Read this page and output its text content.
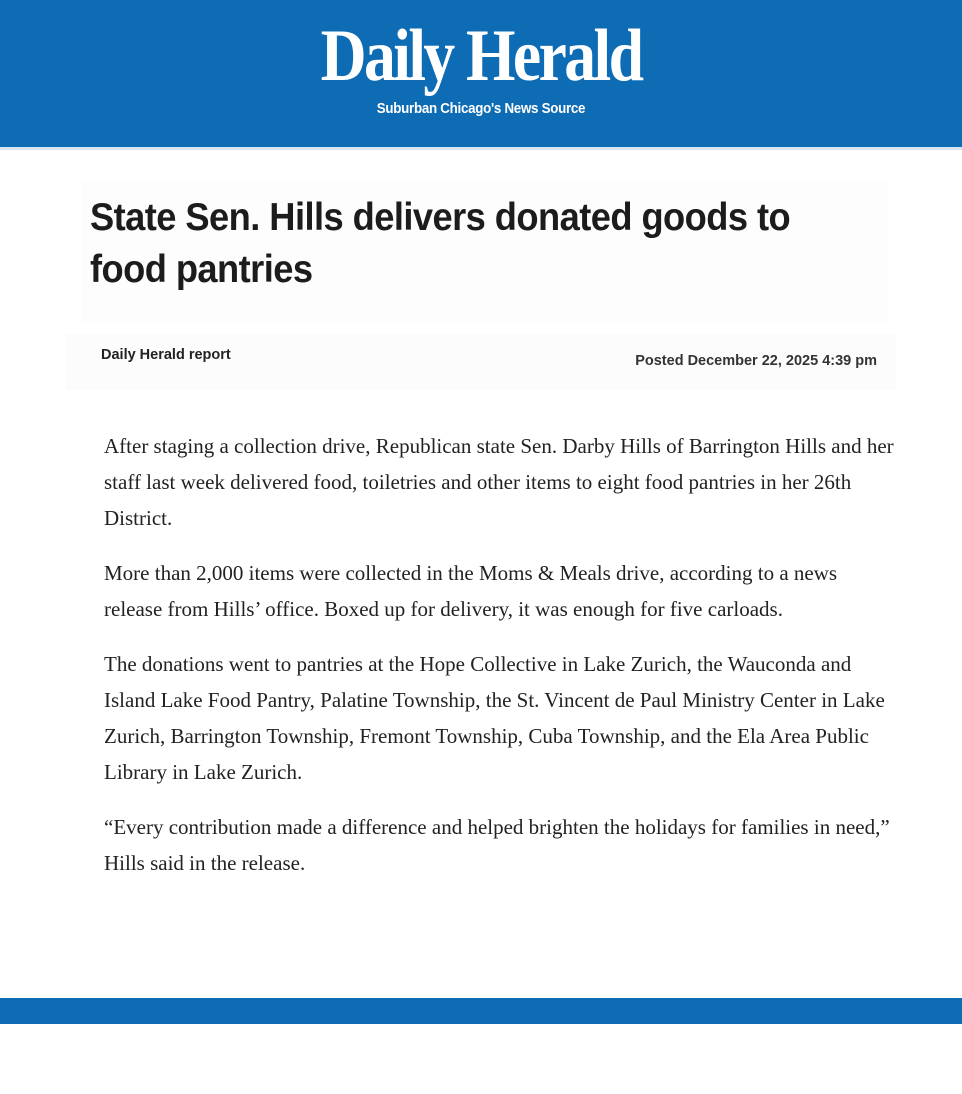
Daily Herald
Suburban Chicago's News Source
State Sen. Hills delivers donated goods to food pantries
Daily Herald report	Posted December 22, 2025 4:39 pm

After staging a collection drive, Republican state Sen. Darby Hills of Barrington Hills and her staff last week delivered food, toiletries and other items to eight food pantries in her 26th District.

More than 2,000 items were collected in the Moms & Meals drive, according to a news release from Hills’ office. Boxed up for delivery, it was enough for five carloads.

The donations went to pantries at the Hope Collective in Lake Zurich, the Wauconda and Island Lake Food Pantry, Palatine Township, the St. Vincent de Paul Ministry Center in Lake Zurich, Barrington Township, Fremont Township, Cuba Township, and the Ela Area Public Library in Lake Zurich.

“Every contribution made a difference and helped brighten the holidays for families in need,” Hills said in the release.

Daily Herald
